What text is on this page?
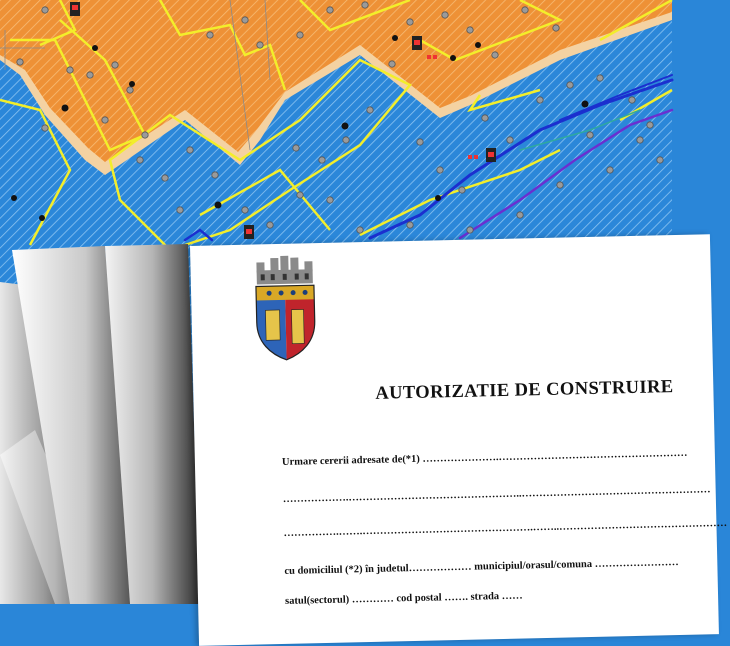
AUTORIZATIE DE CONSTRUIRE
Urmare cererii adresate de(*1) ………………….………………………………………………
……………….…………………………………………..………………………………………………
…………….…….………………………………………….……..…………………………………………
cu domiciliul (*2) în judetul……………… municipiul/orasul/comuna ……………………
satul(sectorul) ………… cod postal ……. strada ……
